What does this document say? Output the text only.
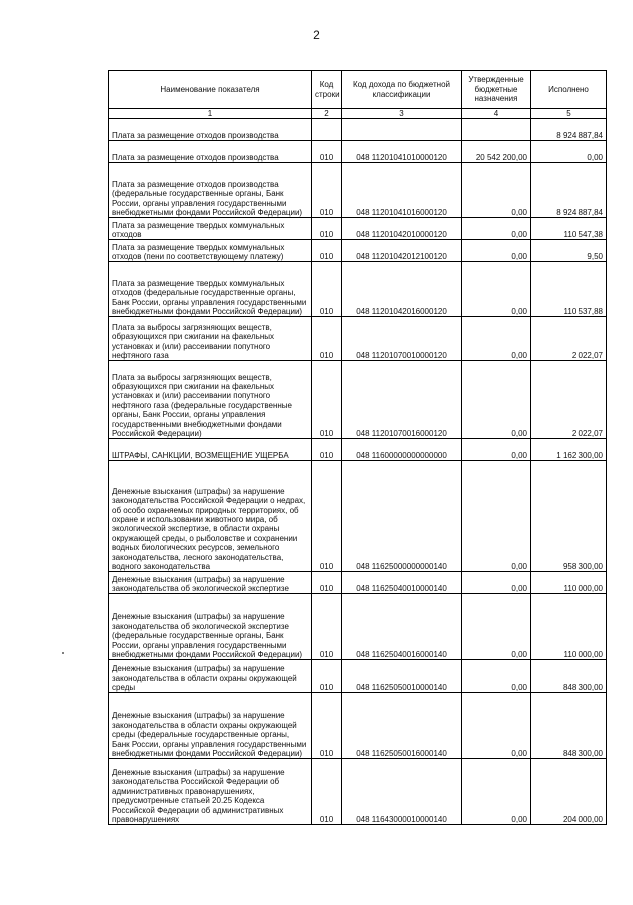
2
Наименование показателя	Код строки	Код дохода по бюджетной классификации	Утвержденные бюджетные назначения	Исполнено
1	2	3	4	5
Плата за размещение отходов производства				8 924 887,84
Плата за размещение отходов производства	010	048 11201041010000120	20 542 200,00	0,00
Плата за размещение отходов производства (федеральные государственные органы, Банк России, органы управления государственными внебюджетными фондами Российской Федерации)	010	048 11201041016000120	0,00	8 924 887,84
Плата за размещение твердых коммунальных отходов	010	048 11201042010000120	0,00	110 547,38
Плата за размещение твердых коммунальных отходов (пени по соответствующему платежу)	010	048 11201042012100120	0,00	9,50
Плата за размещение твердых коммунальных отходов (федеральные государственные органы, Банк России, органы управления государственными внебюджетными фондами Российской Федерации)	010	048 11201042016000120	0,00	110 537,88
Плата за выбросы загрязняющих веществ, образующихся при сжигании на факельных установках и (или) рассеивании попутного нефтяного газа	010	048 11201070010000120	0,00	2 022,07
Плата за выбросы загрязняющих веществ, образующихся при сжигании на факельных установках и (или) рассеивании попутного нефтяного газа (федеральные государственные органы, Банк России, органы управления государственными внебюджетными фондами Российской Федерации)	010	048 11201070016000120	0,00	2 022,07
ШТРАФЫ, САНКЦИИ, ВОЗМЕЩЕНИЕ УЩЕРБА	010	048 11600000000000000	0,00	1 162 300,00
Денежные взыскания (штрафы) за нарушение законодательства Российской Федерации о недрах, об особо охраняемых природных территориях, об охране и использовании животного мира, об экологической экспертизе, в области охраны окружающей среды, о рыболовстве и сохранении водных биологических ресурсов, земельного законодательства, лесного законодательства, водного законодательства	010	048 11625000000000140	0,00	958 300,00
Денежные взыскания (штрафы) за нарушение законодательства об экологической экспертизе	010	048 11625040010000140	0,00	110 000,00
Денежные взыскания (штрафы) за нарушение законодательства об экологической экспертизе (федеральные государственные органы, Банк России, органы управления государственными внебюджетными фондами Российской Федерации)	010	048 11625040016000140	0,00	110 000,00
Денежные взыскания (штрафы) за нарушение законодательства в области охраны окружающей среды	010	048 11625050010000140	0,00	848 300,00
Денежные взыскания (штрафы) за нарушение законодательства в области охраны окружающей среды (федеральные государственные органы, Банк России, органы управления государственными внебюджетными фондами Российской Федерации)	010	048 11625050016000140	0,00	848 300,00
Денежные взыскания (штрафы) за нарушение законодательства Российской Федерации об административных правонарушениях, предусмотренные статьей 20.25 Кодекса Российской Федерации об административных правонарушениях	010	048 11643000010000140	0,00	204 000,00
